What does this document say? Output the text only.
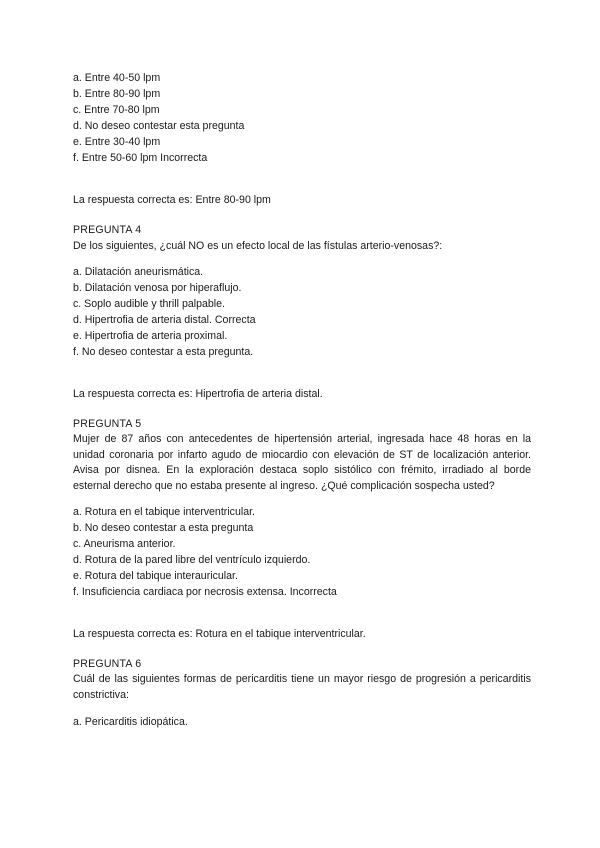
a. Entre 40-50 lpm
b. Entre 80-90 lpm
c. Entre 70-80 lpm
d. No deseo contestar esta pregunta
e. Entre 30-40 lpm
f. Entre 50-60 lpm Incorrecta
La respuesta correcta es: Entre 80-90 lpm
PREGUNTA 4
De los siguientes, ¿cuál NO es un efecto local de las fístulas arterio-venosas?:
a. Dilatación aneurismática.
b. Dilatación venosa por hiperaflujo.
c. Soplo audible y thrill palpable.
d. Hipertrofia de arteria distal. Correcta
e. Hipertrofia de arteria proximal.
f. No deseo contestar a esta pregunta.
La respuesta correcta es: Hipertrofia de arteria distal.
PREGUNTA 5
Mujer de 87 años con antecedentes de hipertensión arterial, ingresada hace 48 horas en la unidad coronaria por infarto agudo de miocardio con elevación de ST de localización anterior. Avisa por disnea. En la exploración destaca soplo sistólico con frémito, irradiado al borde esternal derecho que no estaba presente al ingreso. ¿Qué complicación sospecha usted?
a. Rotura en el tabique interventricular.
b. No deseo contestar a esta pregunta
c. Aneurisma anterior.
d. Rotura de la pared libre del ventrículo izquierdo.
e. Rotura del tabique interauricular.
f. Insuficiencia cardiaca por necrosis extensa. Incorrecta
La respuesta correcta es: Rotura en el tabique interventricular.
PREGUNTA 6
Cuál de las siguientes formas de pericarditis tiene un mayor riesgo de progresión a pericarditis constrictiva:
a. Pericarditis idiopática.
